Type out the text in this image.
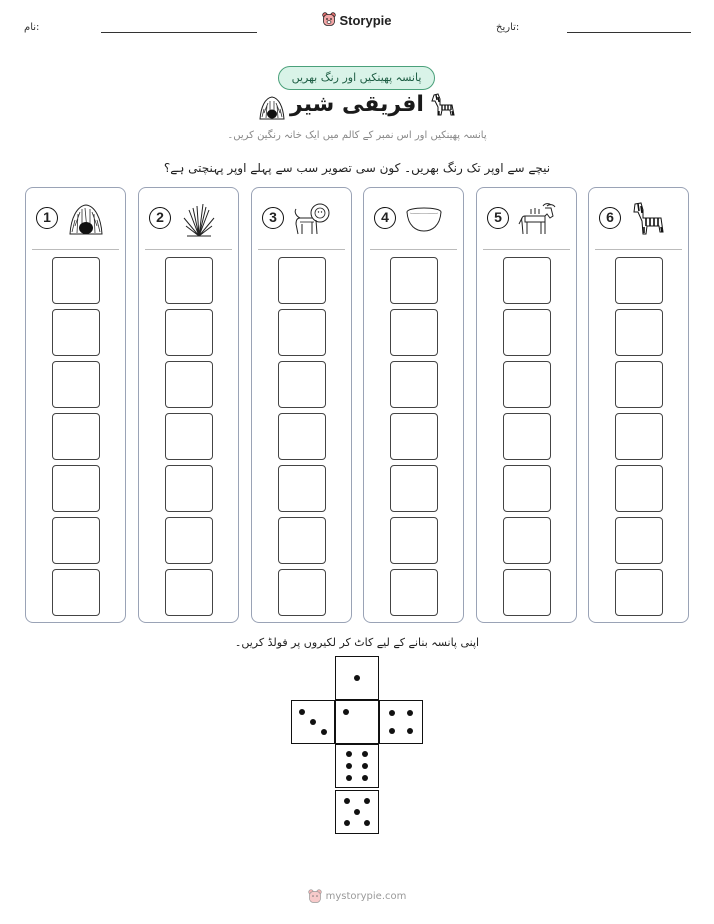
نام:	تاریخ:
Storypie
پانسہ پھینکیں اور رنگ بھریں
افریقی شیر
پانسہ پھینکیں اور اس نمبر کے کالم میں ایک خانہ رنگین کریں۔
نیچے سے اوپر تک رنگ بھریں۔ کون سی تصویر سب سے پہلے اوپر پہنچتی ہے؟
1	2	3	4	5	6
اپنی پانسہ بنانے کے لیے کاٹ کر لکیروں پر فولڈ کریں۔
mystorypie.com
